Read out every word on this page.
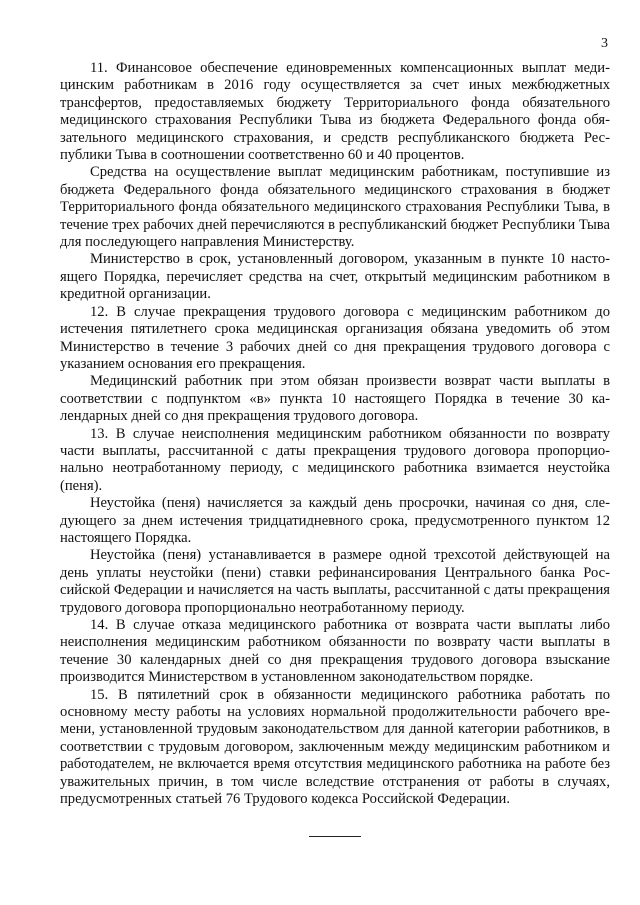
3

11. Финансовое обеспечение единовременных компенсационных выплат медицинским работникам в 2016 году осуществляется за счет иных межбюджетных трансфертов, предоставляемых бюджету Территориального фонда обязательного медицинского страхования Республики Тыва из бюджета Федерального фонда обязательного медицинского страхования, и средств республиканского бюджета Республики Тыва в соотношении соответственно 60 и 40 процентов.

Средства на осуществление выплат медицинским работникам, поступившие из бюджета Федерального фонда обязательного медицинского страхования в бюджет Территориального фонда обязательного медицинского страхования Республики Тыва, в течение трех рабочих дней перечисляются в республиканский бюджет Республики Тыва для последующего направления Министерству.

Министерство в срок, установленный договором, указанным в пункте 10 настоящего Порядка, перечисляет средства на счет, открытый медицинским работником в кредитной организации.

12. В случае прекращения трудового договора с медицинским работником до истечения пятилетнего срока медицинская организация обязана уведомить об этом Министерство в течение 3 рабочих дней со дня прекращения трудового договора с указанием основания его прекращения.

Медицинский работник при этом обязан произвести возврат части выплаты в соответствии с подпунктом «в» пункта 10 настоящего Порядка в течение 30 календарных дней со дня прекращения трудового договора.

13. В случае неисполнения медицинским работником обязанности по возврату части выплаты, рассчитанной с даты прекращения трудового договора пропорционально неотработанному периоду, с медицинского работника взимается неустойка (пеня).

Неустойка (пеня) начисляется за каждый день просрочки, начиная со дня, следующего за днем истечения тридцатидневного срока, предусмотренного пунктом 12 настоящего Порядка.

Неустойка (пеня) устанавливается в размере одной трехсотой действующей на день уплаты неустойки (пени) ставки рефинансирования Центрального банка Российской Федерации и начисляется на часть выплаты, рассчитанной с даты прекращения трудового договора пропорционально неотработанному периоду.

14. В случае отказа медицинского работника от возврата части выплаты либо неисполнения медицинским работником обязанности по возврату части выплаты в течение 30 календарных дней со дня прекращения трудового договора взыскание производится Министерством в установленном законодательством порядке.

15. В пятилетний срок в обязанности медицинского работника работать по основному месту работы на условиях нормальной продолжительности рабочего времени, установленной трудовым законодательством для данной категории работников, в соответствии с трудовым договором, заключенным между медицинским работником и работодателем, не включается время отсутствия медицинского работника на работе без уважительных причин, в том числе вследствие отстранения от работы в случаях, предусмотренных статьей 76 Трудового кодекса Российской Федерации.
